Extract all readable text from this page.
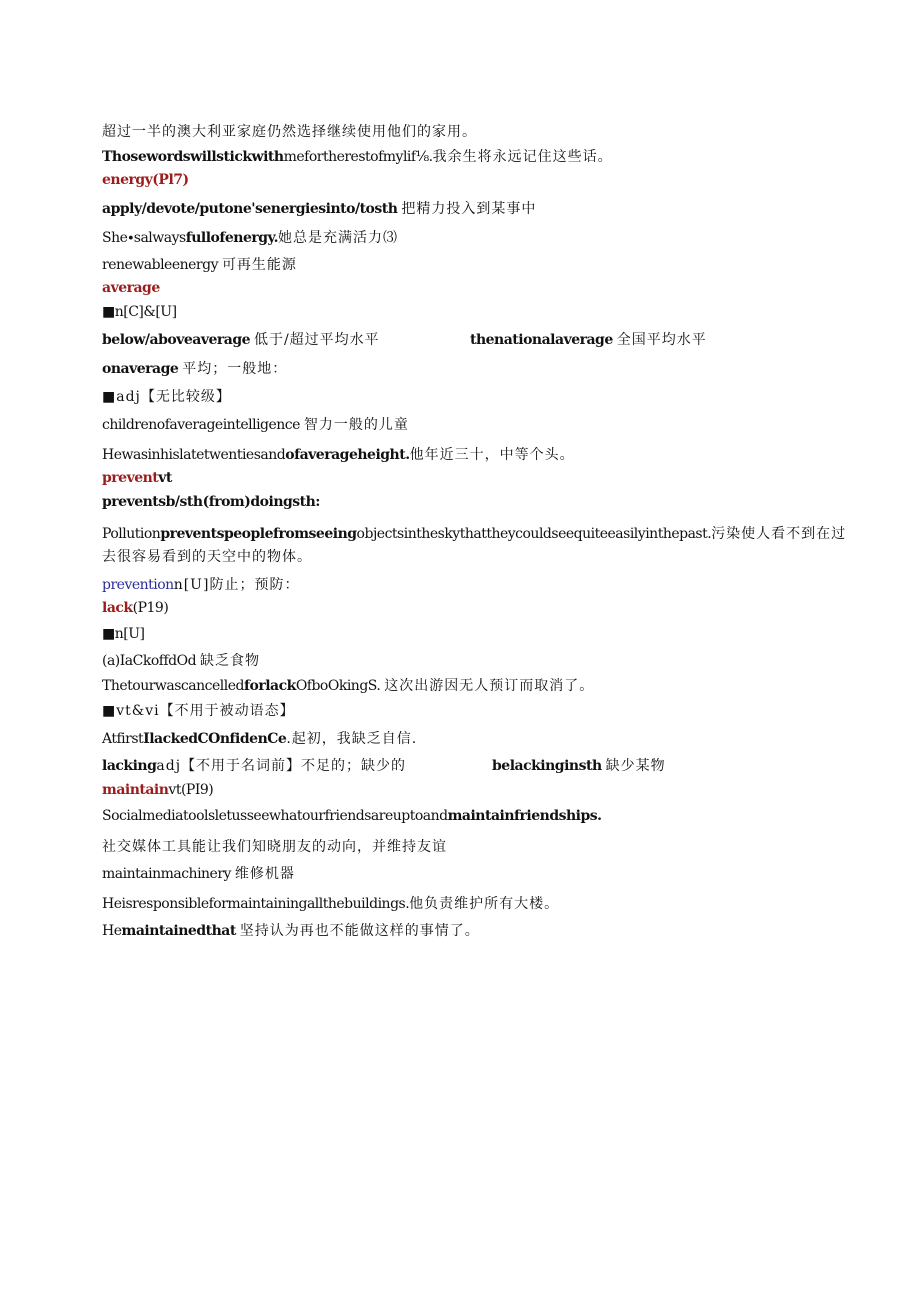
超过一半的澳大利亚家庭仍然选择继续使用他们的家用。
Thosewordswillstickwithmefortherestofmylif⅛.我余生将永远记住这些话。
energy(Pl7)
apply/devote/putone'senergiesinto/tosth 把精力投入到某事中
She∙salwaysfullofenergy.她总是充满活力⑶
renewableenergy 可再生能源
average
■n[C]&[U]
below/aboveaverage 低于/超过平均水平	thenationalaverage 全国平均水平
onaverage 平均；一般地：
■adj【无比较级】
childrenofaverageintelligence 智力一般的儿童
Hewasinhislatetwentiesandofaverageheight.他年近三十，中等个头。
preventvt
preventsb/sth(from)doingsth:
Pollutionpreventspeoplefromseeingobjectsintheskythattheycouldseequiteeasilyinthepast.污染使人看不到在过
去很容易看到的天空中的物体。
preventionn[U]防止；预防：
lack(P19)
■n[U]
(a)IaCkoffdOd 缺乏食物
ThetourwascancelledforlackOfboOkingS. 这次出游因无人预订而取消了。
■vt&vi【不用于被动语态】
AtfirstIlackedCOnfidenCe.起初，我缺乏自信.
lackingadj【不用于名词前】不足的；缺少的	belackinginsth 缺少某物
maintainvt(PI9)
Socialmediatoolsletusseewhatourfriendsareuptoandmaintainfriendships.
社交媒体工具能让我们知晓朋友的动向，并维持友谊
maintainmachinery 维修机器
Heisresponsibleformaintainingallthebuildings.他负责维护所有大楼。
Hemaintainedthat 坚持认为再也不能做这样的事情了。
